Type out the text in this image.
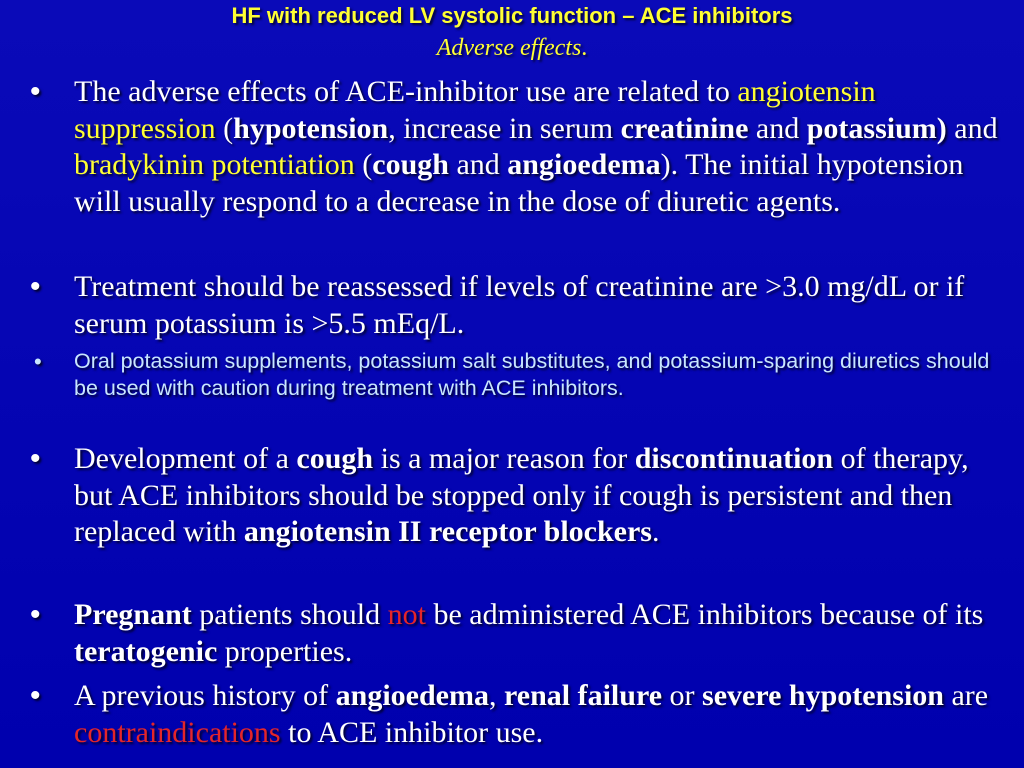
HF with reduced LV systolic function – ACE inhibitors
Adverse effects.
• The adverse effects of ACE-inhibitor use are related to angiotensin suppression (hypotension, increase in serum creatinine and potassium) and bradykinin potentiation (cough and angioedema). The initial hypotension will usually respond to a decrease in the dose of diuretic agents.
• Treatment should be reassessed if levels of creatinine are >3.0 mg/dL or if serum potassium is >5.5 mEq/L.
• Oral potassium supplements, potassium salt substitutes, and potassium-sparing diuretics should be used with caution during treatment with ACE inhibitors.
• Development of a cough is a major reason for discontinuation of therapy, but ACE inhibitors should be stopped only if cough is persistent and then replaced with angiotensin II receptor blockers.
• Pregnant patients should not be administered ACE inhibitors because of its teratogenic properties.
• A previous history of angioedema, renal failure or severe hypotension are contraindications to ACE inhibitor use.
